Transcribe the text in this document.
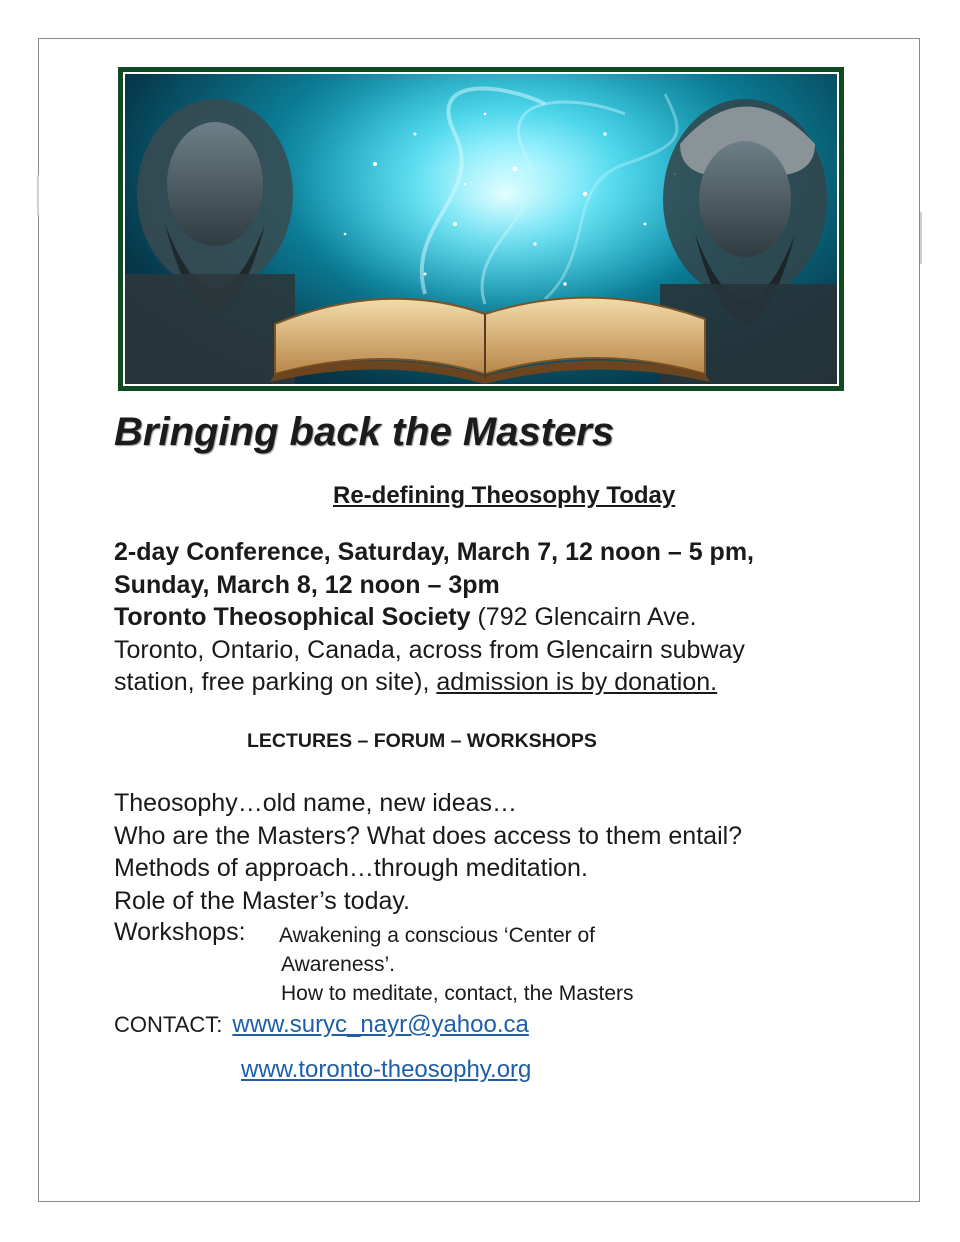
Bringing back the Masters
Re-defining Theosophy Today
2-day Conference, Saturday, March 7, 12 noon – 5 pm,
Sunday, March 8, 12 noon – 3pm
Toronto Theosophical Society (792 Glencairn Ave.
Toronto, Ontario, Canada, across from Glencairn subway
station, free parking on site), admission is by donation.
LECTURES – FORUM – WORKSHOPS
Theosophy…old name, new ideas…
Who are the Masters? What does access to them entail?
Methods of approach…through meditation.
Role of the Master’s today.
Workshops: Awakening a conscious ‘Center of
Awareness’.
How to meditate, contact, the Masters
CONTACT: www.suryc_nayr@yahoo.ca
www.toronto-theosophy.org
